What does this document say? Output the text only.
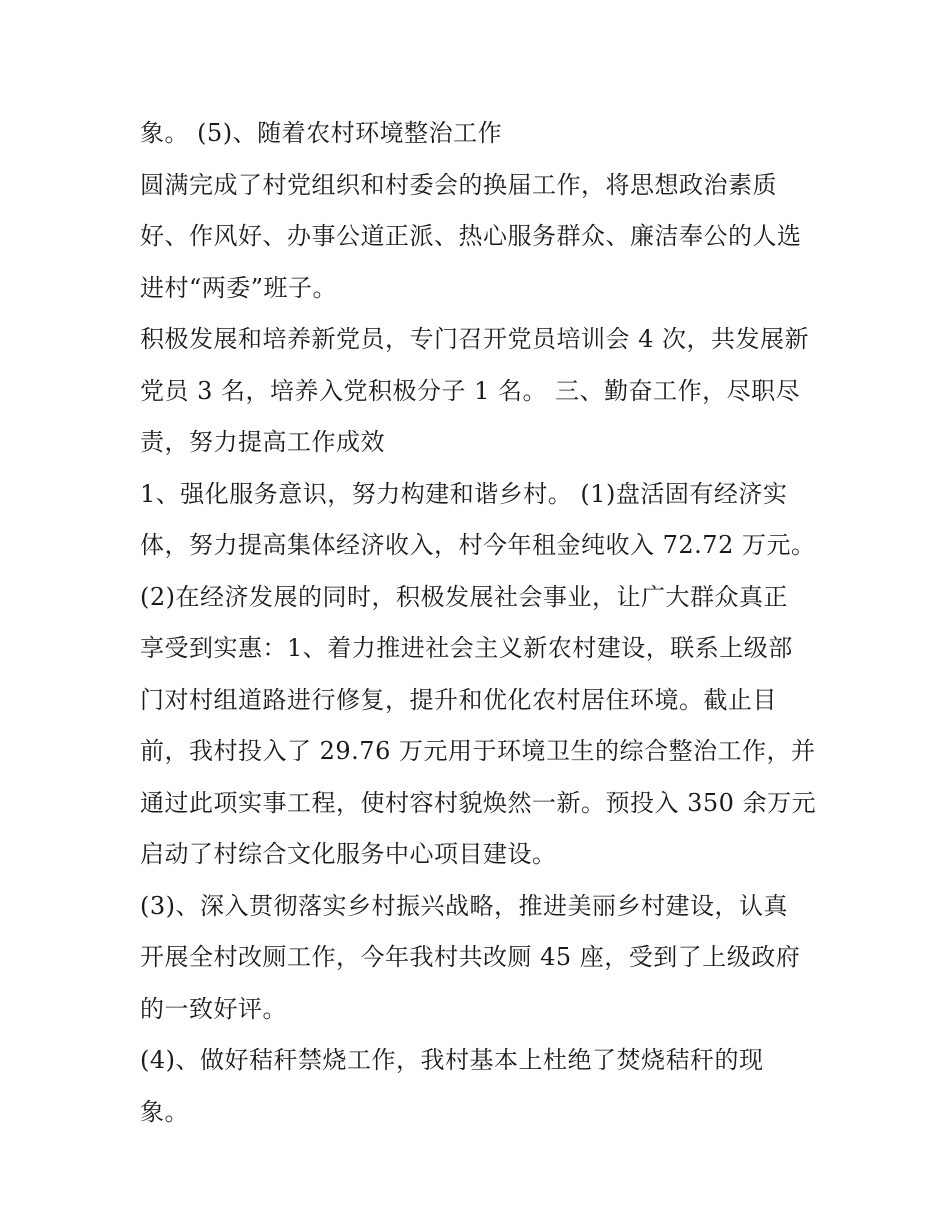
象。 (5)、随着农村环境整治工作

圆满完成了村党组织和村委会的换届工作，将思想政治素质
好、作风好、办事公道正派、热心服务群众、廉洁奉公的人选
进村“两委”班子。

积极发展和培养新党员，专门召开党员培训会 4 次，共发展新
党员 3 名，培养入党积极分子 1 名。 三、勤奋工作，尽职尽
责，努力提高工作成效

1、强化服务意识，努力构建和谐乡村。 (1)盘活固有经济实
体，努力提高集体经济收入，村今年租金纯收入 72.72 万元。
(2)在经济发展的同时，积极发展社会事业，让广大群众真正
享受到实惠：1、着力推进社会主义新农村建设，联系上级部
门对村组道路进行修复，提升和优化农村居住环境。截止目
前，我村投入了 29.76 万元用于环境卫生的综合整治工作，并
通过此项实事工程，使村容村貌焕然一新。预投入 350 余万元
启动了村综合文化服务中心项目建设。

(3)、深入贯彻落实乡村振兴战略，推进美丽乡村建设，认真
开展全村改厕工作，今年我村共改厕 45 座，受到了上级政府
的一致好评。

(4)、做好秸秆禁烧工作，我村基本上杜绝了焚烧秸秆的现
象。
